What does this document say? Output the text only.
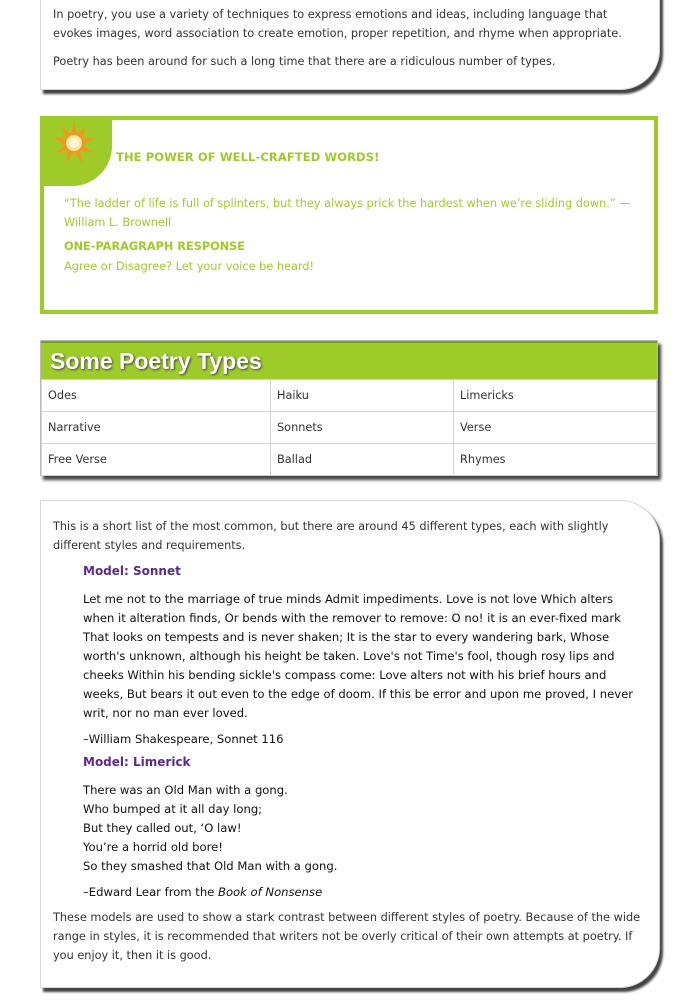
In poetry, you use a variety of techniques to express emotions and ideas, including language that evokes images, word association to create emotion, proper repetition, and rhyme when appropriate.

Poetry has been around for such a long time that there are a ridiculous number of types.

THE POWER OF WELL-CRAFTED WORDS!
“The ladder of life is full of splinters, but they always prick the hardest when we’re sliding down.” —William L. Brownell
ONE-PARAGRAPH RESPONSE
Agree or Disagree? Let your voice be heard!
Some Poetry Types
Odes	Haiku	Limericks
Narrative	Sonnets	Verse
Free Verse	Ballad	Rhymes

This is a short list of the most common, but there are around 45 different types, each with slightly different styles and requirements.

Model: Sonnet
Let me not to the marriage of true minds Admit impediments. Love is not love Which alters when it alteration finds, Or bends with the remover to remove: O no! it is an ever-fixed mark That looks on tempests and is never shaken; It is the star to every wandering bark, Whose worth's unknown, although his height be taken. Love's not Time's fool, though rosy lips and cheeks Within his bending sickle's compass come: Love alters not with his brief hours and weeks, But bears it out even to the edge of doom. If this be error and upon me proved, I never writ, nor no man ever loved.
–William Shakespeare, Sonnet 116
Model: Limerick
There was an Old Man with a gong.
Who bumped at it all day long;
But they called out, ‘O law!
You’re a horrid old bore!
So they smashed that Old Man with a gong.
–Edward Lear from the Book of Nonsense

These models are used to show a stark contrast between different styles of poetry. Because of the wide range in styles, it is recommended that writers not be overly critical of their own attempts at poetry. If you enjoy it, then it is good.
